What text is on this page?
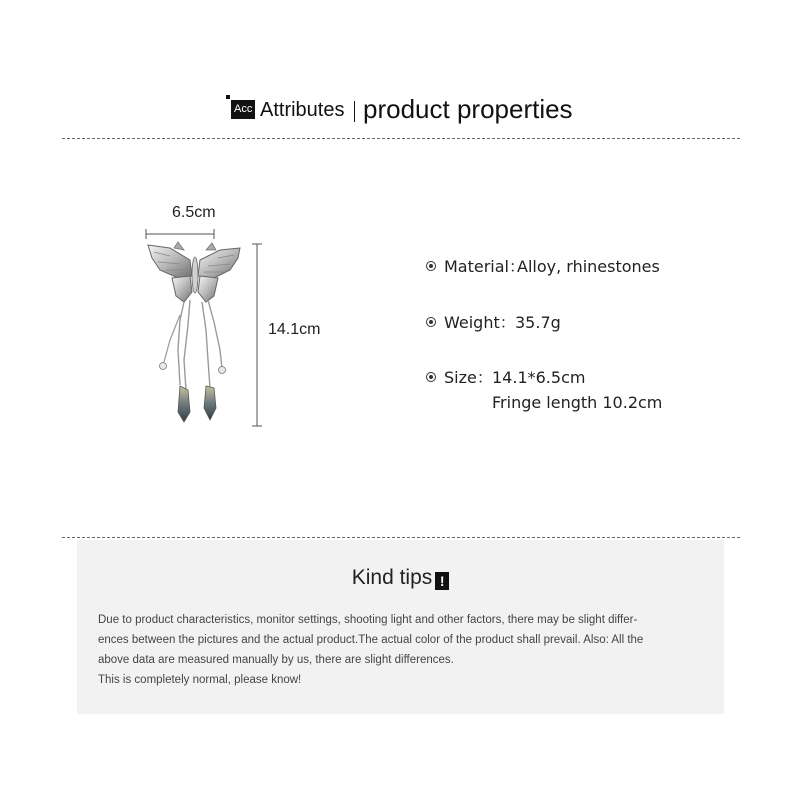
Acc Attributes product properties
6.5cm
14.1cm
Material：
Alloy, rhinestones
Weight： 35.7g
Size： 14.1*6.5cm
Fringe length 10.2cm
Kind tips !

Due to product characteristics, monitor settings, shooting light and other factors, there may be slight differ-

ences between the pictures and the actual product.The actual color of the product shall prevail. Also: All the

above data are measured manually by us, there are slight differences.

This is completely normal, please know!
